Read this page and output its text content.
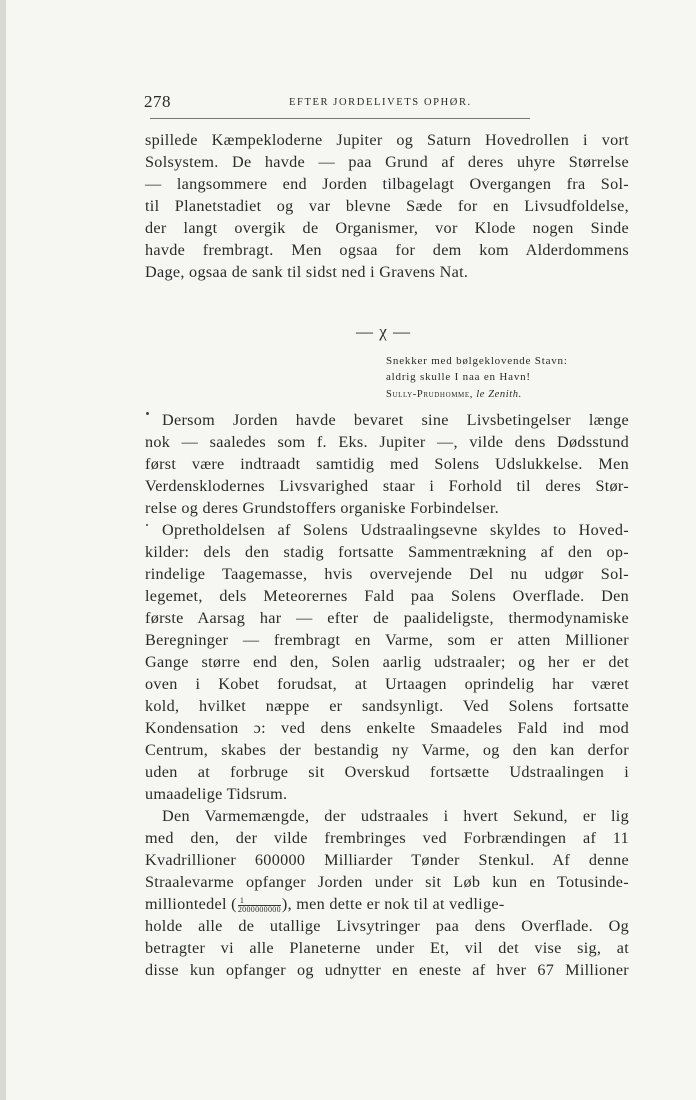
278	EFTER JORDELIVETS OPHØR.

spillede Kæmpekloderne Jupiter og Saturn Hovedrollen i vort

Solsystem. De havde — paa Grund af deres uhyre Størrelse

— langsommere end Jorden tilbagelagt Overgangen fra Sol-

til Planetstadiet og var blevne Sæde for en Livsudfoldelse,

der langt overgik de Organismer, vor Klode nogen Sinde

havde frembragt. Men ogsaa for dem kom Alderdommens

Dage, ogsaa de sank til sidst ned i Gravens Nat.

— χ —

Snekker med bølgeklovende Stavn:

aldrig skulle I naa en Havn!

Sully-Prudhomme, le Zenith.

Dersom Jorden havde bevaret sine Livsbetingelser længe

nok — saaledes som f. Eks. Jupiter —, vilde dens Dødsstund

først være indtraadt samtidig med Solens Udslukkelse. Men

Verdensklodernes Livsvarighed staar i Forhold til deres Stør-

relse og deres Grundstoffers organiske Forbindelser.

Opretholdelsen af Solens Udstraalingsevne skyldes to Hoved-

kilder: dels den stadig fortsatte Sammentrækning af den op-

rindelige Taagemasse, hvis overvejende Del nu udgør Sol-

legemet, dels Meteorernes Fald paa Solens Overflade. Den

første Aarsag har — efter de paalideligste, thermodynamiske

Beregninger — frembragt en Varme, som er atten Millioner

Gange større end den, Solen aarlig udstraaler; og her er det

oven i Kobet forudsat, at Urtaagen oprindelig har været

kold, hvilket næppe er sandsynligt. Ved Solens fortsatte

Kondensation ɔ: ved dens enkelte Smaadeles Fald ind mod

Centrum, skabes der bestandig ny Varme, og den kan derfor

uden at forbruge sit Overskud fortsætte Udstraalingen i

umaadelige Tidsrum.

Den Varmemængde, der udstraales i hvert Sekund, er lig

med den, der vilde frembringes ved Forbrændingen af 11

Kvadrillioner 600000 Milliarder Tønder Stenkul. Af denne

Straalevarme opfanger Jorden under sit Løb kun en Totusinde-

milliontedel ( $\frac{1}{2000000000}$ ), men dette er nok til at vedlige-

holde alle de utallige Livsytringer paa dens Overflade. Og

betragter vi alle Planeterne under Et, vil det vise sig, at

disse kun opfanger og udnytter en eneste af hver 67 Millioner
